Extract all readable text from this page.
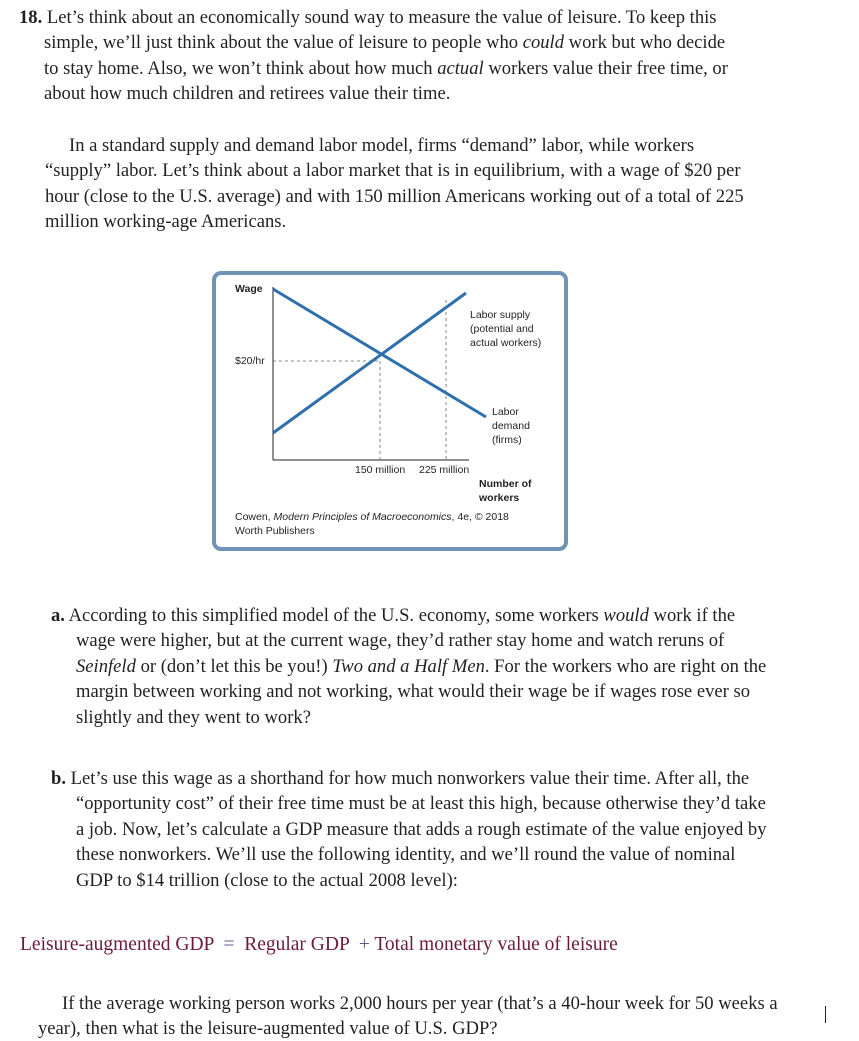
18. Let’s think about an economically sound way to measure the value of leisure. To keep this simple, we’ll just think about the value of leisure to people who could work but who decide to stay home. Also, we won’t think about how much actual workers value their free time, or about how much children and retirees value their time.

In a standard supply and demand labor model, firms “demand” labor, while workers “supply” labor. Let’s think about a labor market that is in equilibrium, with a wage of $20 per hour (close to the U.S. average) and with 150 million Americans working out of a total of 225 million working-age Americans.

Wage
$20/hr
Labor supply
(potential and
actual workers)
Labor
demand
(firms)
150 million 225 million
Number of
workers
Cowen, Modern Principles of Macroeconomics, 4e, © 2018
Worth Publishers

a. According to this simplified model of the U.S. economy, some workers would work if the wage were higher, but at the current wage, they’d rather stay home and watch reruns of Seinfeld or (don’t let this be you!) Two and a Half Men. For the workers who are right on the margin between working and not working, what would their wage be if wages rose ever so slightly and they went to work?

b. Let’s use this wage as a shorthand for how much nonworkers value their time. After all, the “opportunity cost” of their free time must be at least this high, because otherwise they’d take a job. Now, let’s calculate a GDP measure that adds a rough estimate of the value enjoyed by these nonworkers. We’ll use the following identity, and we’ll round the value of nominal GDP to $14 trillion (close to the actual 2008 level):

Leisure-augmented GDP = Regular GDP + Total monetary value of leisure

If the average working person works 2,000 hours per year (that’s a 40-hour week for 50 weeks a year), then what is the leisure-augmented value of U.S. GDP?
